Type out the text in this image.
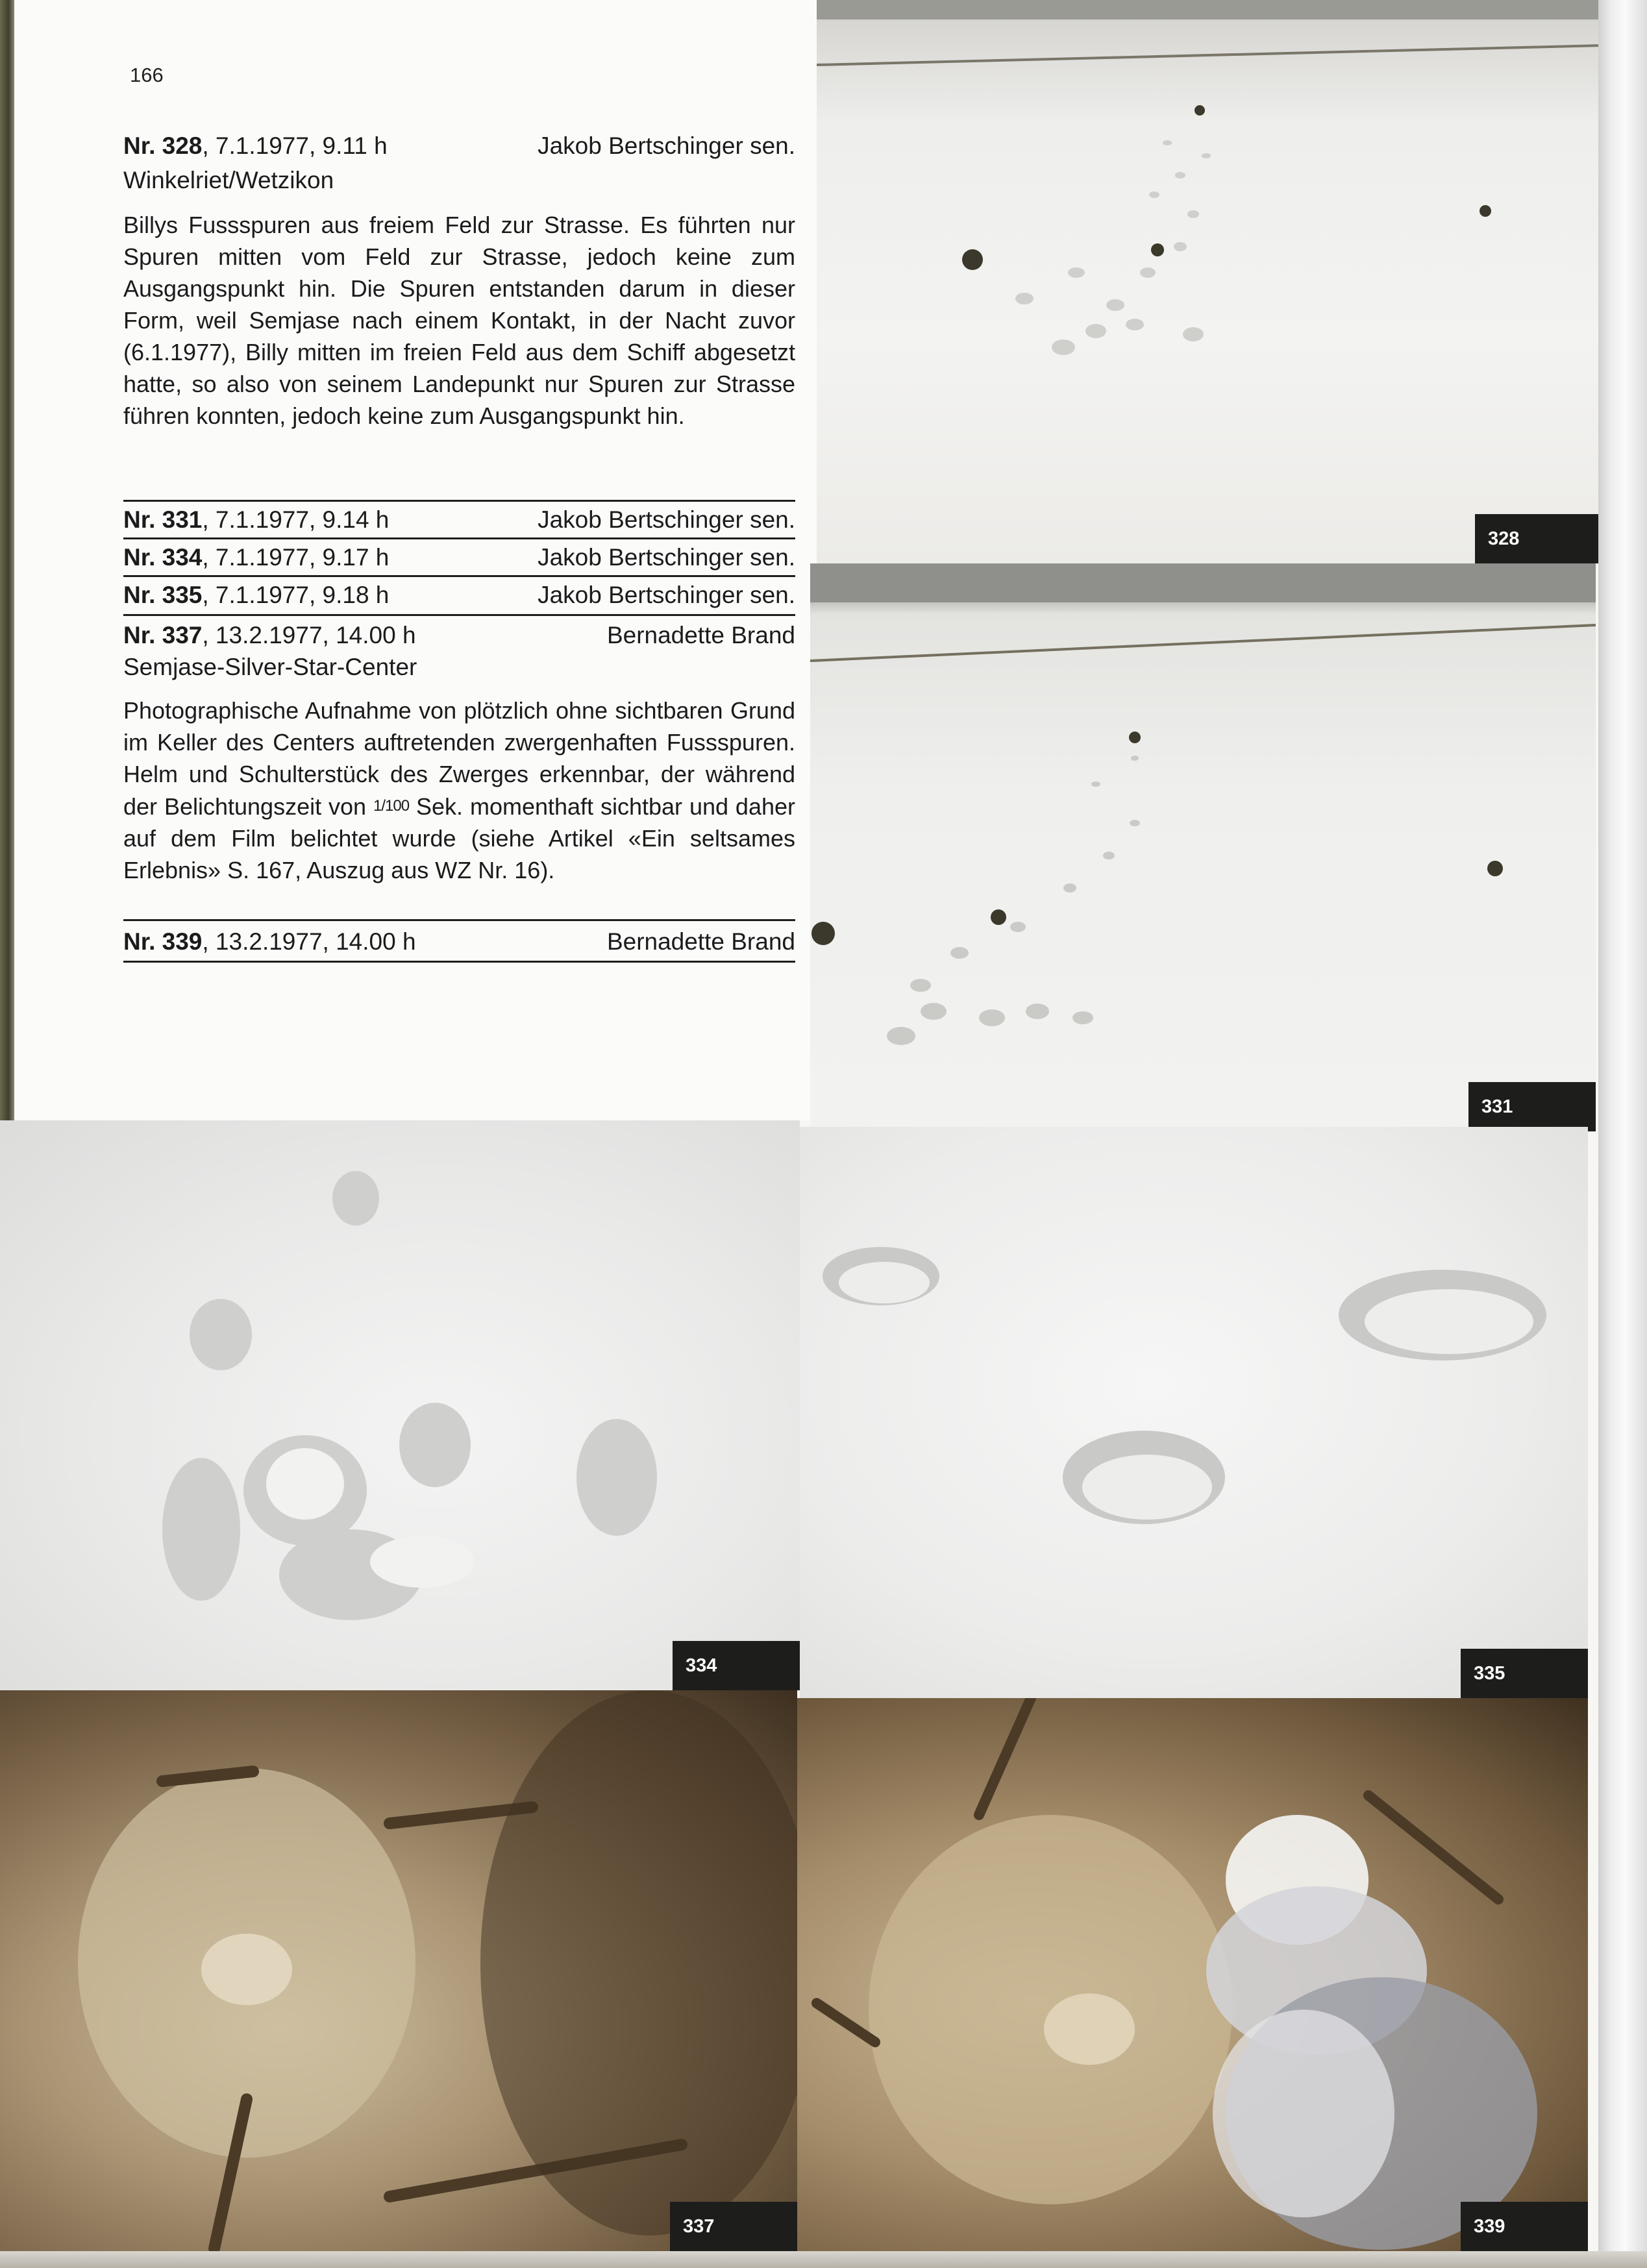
166
Nr. 328, 7.1.1977, 9.11 h	Jakob Bertschinger sen.
Winkelriet/Wetzikon
Billys Fussspuren aus freiem Feld zur Strasse. Es führten nur Spuren mitten vom Feld zur Strasse, jedoch keine zum Ausgangspunkt hin. Die Spuren entstanden darum in dieser Form, weil Semjase nach einem Kontakt, in der Nacht zuvor (6.1.1977), Billy mitten im freien Feld aus dem Schiff abgesetzt hatte, so also von seinem Landepunkt nur Spuren zur Strasse führen konnten, jedoch keine zum Ausgangspunkt hin.
Nr. 331, 7.1.1977, 9.14 h	Jakob Bertschinger sen.
Nr. 334, 7.1.1977, 9.17 h	Jakob Bertschinger sen.
Nr. 335, 7.1.1977, 9.18 h	Jakob Bertschinger sen.
Nr. 337, 13.2.1977, 14.00 h	Bernadette Brand
Semjase-Silver-Star-Center
Photographische Aufnahme von plötzlich ohne sichtbaren Grund im Keller des Centers auftretenden zwergenhaften Fussspuren. Helm und Schulterstück des Zwerges erkennbar, der während der Belichtungszeit von 1/100 Sek. momenthaft sichtbar und daher auf dem Film belichtet wurde (siehe Artikel «Ein seltsames Erlebnis» S. 167, Auszug aus WZ Nr. 16).
Nr. 339, 13.2.1977, 14.00 h	Bernadette Brand
328
331
334	335
337	339
